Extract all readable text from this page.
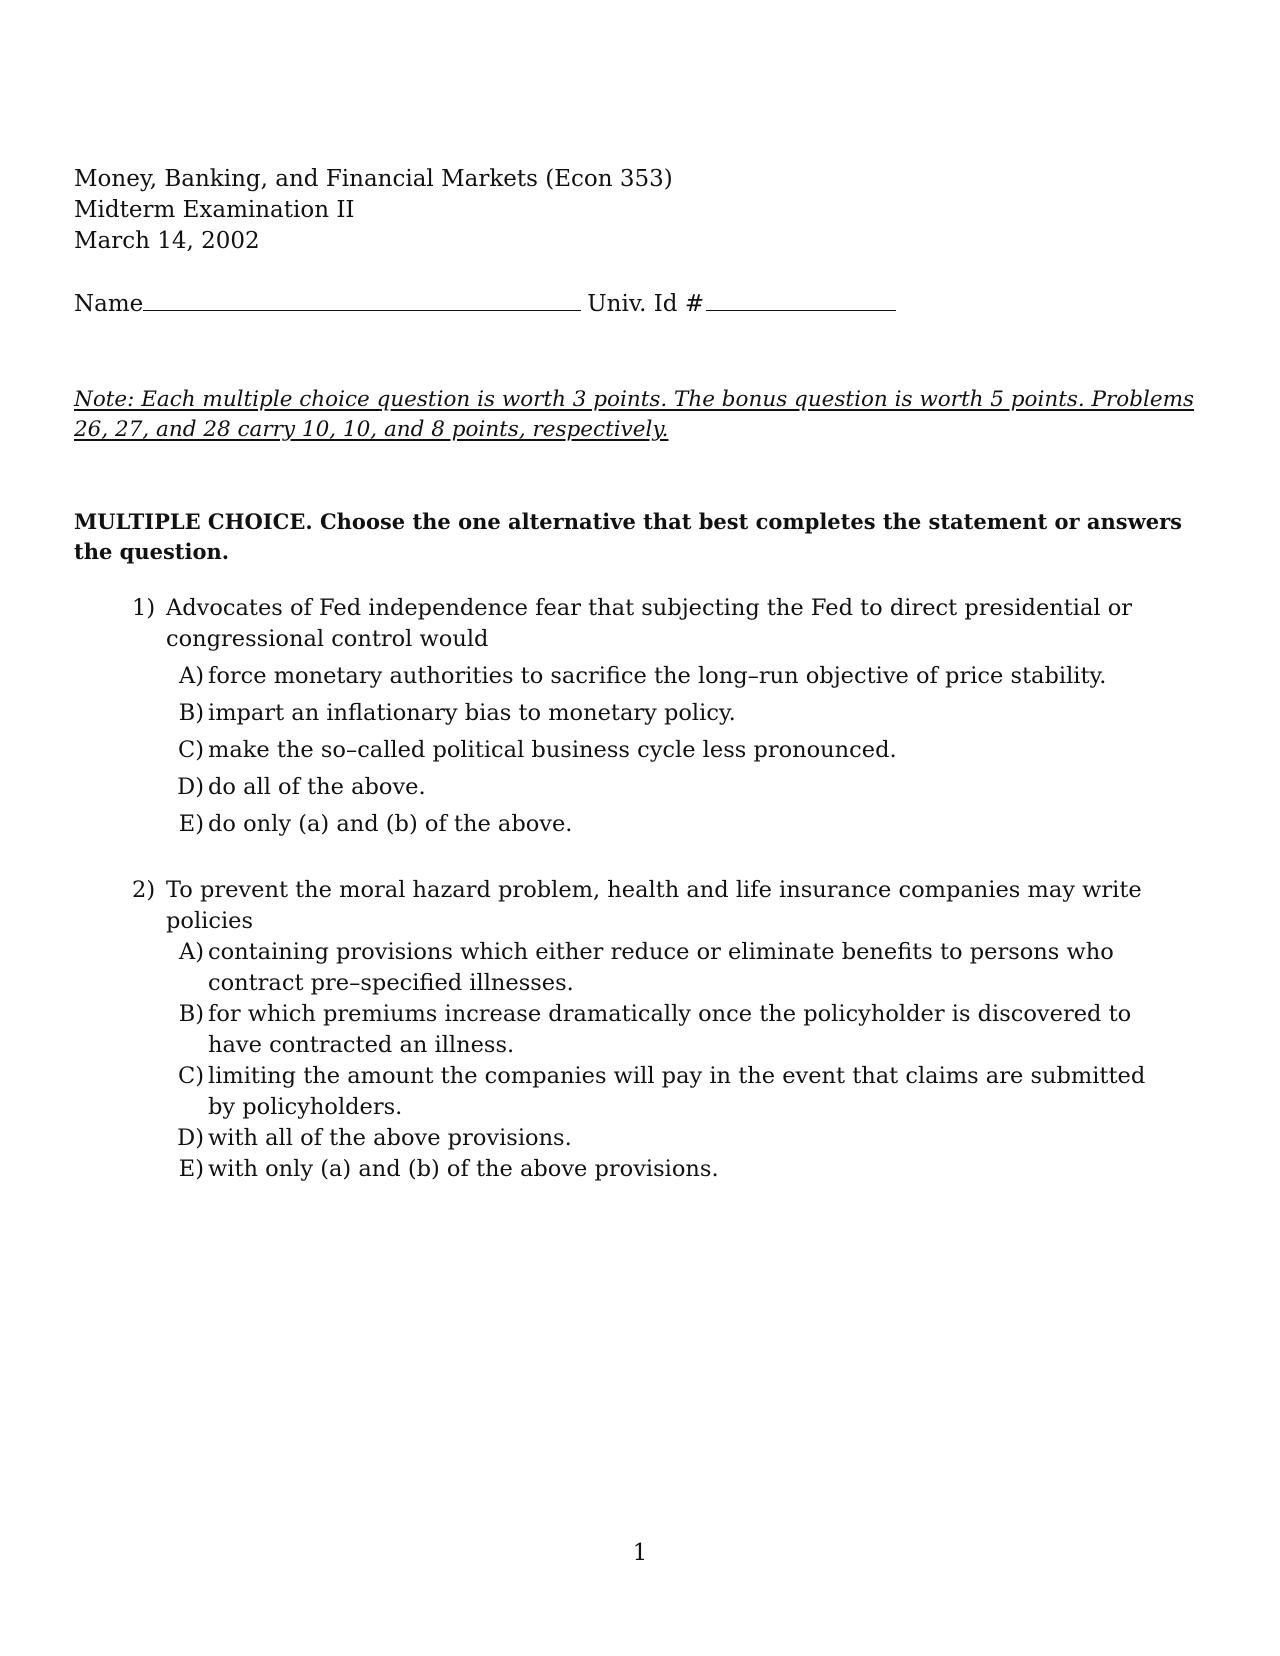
Money, Banking, and Financial Markets (Econ 353)
Midterm Examination II
March 14, 2002
Name	Univ. Id #
Note: Each multiple choice question is worth 3 points. The bonus question is worth 5 points. Problems 26, 27, and 28 carry 10, 10, and 8 points, respectively.
MULTIPLE CHOICE. Choose the one alternative that best completes the statement or answers the question.
1) Advocates of Fed independence fear that subjecting the Fed to direct presidential or congressional control would
A) force monetary authorities to sacrifice the long–run objective of price stability.
B) impart an inflationary bias to monetary policy.
C) make the so–called political business cycle less pronounced.
D) do all of the above.
E) do only (a) and (b) of the above.
2) To prevent the moral hazard problem, health and life insurance companies may write policies
A) containing provisions which either reduce or eliminate benefits to persons who contract pre–specified illnesses.
B) for which premiums increase dramatically once the policyholder is discovered to have contracted an illness.
C) limiting the amount the companies will pay in the event that claims are submitted by policyholders.
D) with all of the above provisions.
E) with only (a) and (b) of the above provisions.
1
